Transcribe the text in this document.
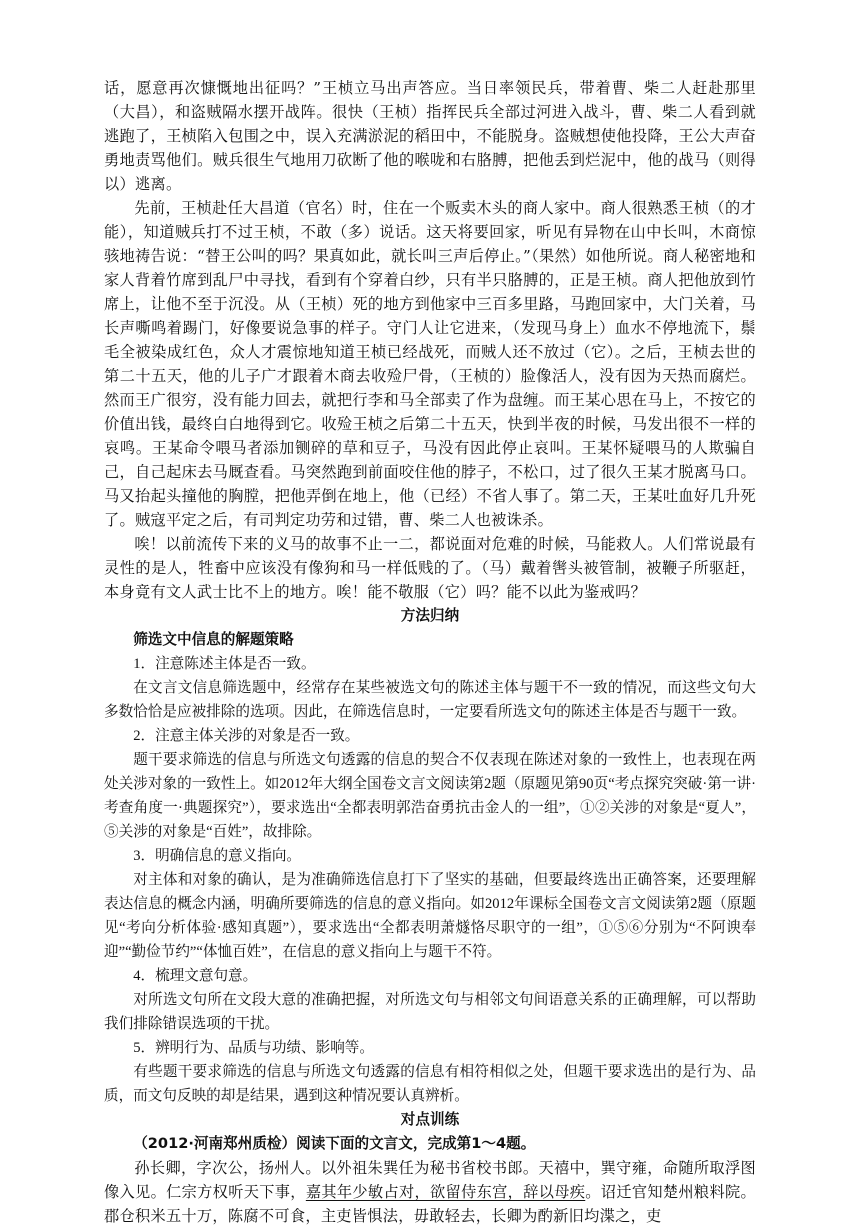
话，愿意再次慷慨地出征吗？”王桢立马出声答应。当日率领民兵，带着曹、柴二人赶赴那里（大昌），和盗贼隔水摆开战阵。很快（王桢）指挥民兵全部过河进入战斗，曹、柴二人看到就逃跑了，王桢陷入包围之中，误入充满淤泥的稻田中，不能脱身。盗贼想使他投降，王公大声奋勇地责骂他们。贼兵很生气地用刀砍断了他的喉咙和右胳膊，把他丢到烂泥中，他的战马（则得以）逃离。

先前，王桢赴任大昌道（官名）时，住在一个贩卖木头的商人家中。商人很熟悉王桢（的才能），知道贼兵打不过王桢，不敢（多）说话。这天将要回家，听见有异物在山中长叫，木商惊骇地祷告说：“替王公叫的吗？果真如此，就长叫三声后停止。”（果然）如他所说。商人秘密地和家人背着竹席到乱尸中寻找，看到有个穿着白纱，只有半只胳膊的，正是王桢。商人把他放到竹席上，让他不至于沉没。从（王桢）死的地方到他家中三百多里路，马跑回家中，大门关着，马长声嘶鸣着踢门，好像要说急事的样子。守门人让它进来，（发现马身上）血水不停地流下，鬃毛全被染成红色，众人才震惊地知道王桢已经战死，而贼人还不放过（它）。之后，王桢去世的第二十五天，他的儿子广才跟着木商去收殓尸骨，（王桢的）脸像活人，没有因为天热而腐烂。然而王广很穷，没有能力回去，就把行李和马全部卖了作为盘缠。而王某心思在马上，不按它的价值出钱，最终白白地得到它。收殓王桢之后第二十五天，快到半夜的时候，马发出很不一样的哀鸣。王某命令喂马者添加铡碎的草和豆子，马没有因此停止哀叫。王某怀疑喂马的人欺骗自己，自己起床去马厩查看。马突然跑到前面咬住他的脖子，不松口，过了很久王某才脱离马口。马又抬起头撞他的胸膛，把他弄倒在地上，他（已经）不省人事了。第二天，王某吐血好几升死了。贼寇平定之后，有司判定功劳和过错，曹、柴二人也被诛杀。

唉！以前流传下来的义马的故事不止一二，都说面对危难的时候，马能救人。人们常说最有灵性的是人，牲畜中应该没有像狗和马一样低贱的了。（马）戴着辔头被管制，被鞭子所驱赶，本身竟有文人武士比不上的地方。唉！能不敬服（它）吗？能不以此为鉴戒吗？

方法归纳

筛选文中信息的解题策略

1．注意陈述主体是否一致。

在文言文信息筛选题中，经常存在某些被选文句的陈述主体与题干不一致的情况，而这些文句大多数恰恰是应被排除的选项。因此，在筛选信息时，一定要看所选文句的陈述主体是否与题干一致。

2．注意主体关涉的对象是否一致。

题干要求筛选的信息与所选文句透露的信息的契合不仅表现在陈述对象的一致性上，也表现在两处关涉对象的一致性上。如2012年大纲全国卷文言文阅读第2题（原题见第90页“考点探究突破·第一讲·考查角度一·典题探究”），要求选出“全都表明郭浩奋勇抗击金人的一组”，①②关涉的对象是“夏人”，⑤关涉的对象是“百姓”，故排除。

3．明确信息的意义指向。

对主体和对象的确认，是为准确筛选信息打下了坚实的基础，但要最终选出正确答案，还要理解表达信息的概念内涵，明确所要筛选的信息的意义指向。如2012年课标全国卷文言文阅读第2题（原题见“考向分析体验·感知真题”），要求选出“全都表明萧燧恪尽职守的一组”，①⑤⑥分别为“不阿谀奉迎”“勤俭节约”“体恤百姓”，在信息的意义指向上与题干不符。

4．梳理文意句意。

对所选文句所在文段大意的准确把握，对所选文句与相邻文句间语意关系的正确理解，可以帮助我们排除错误选项的干扰。

5．辨明行为、品质与功绩、影响等。

有些题干要求筛选的信息与所选文句透露的信息有相符相似之处，但题干要求选出的是行为、品质，而文句反映的却是结果，遇到这种情况要认真辨析。

对点训练

（2012·河南郑州质检）阅读下面的文言文，完成第1～4题。

孙长卿，字次公，扬州人。以外祖朱巽任为秘书省校书郎。天禧中，巽守雍，命随所取浮图像入见。仁宗方权听天下事，嘉其年少敏占对，欲留侍东宫，辞以母疾。诏迁官知楚州粮料院。郡仓积米五十万，陈腐不可食，主吏皆惧法，毋敢轻去，长卿为酌新旧均渫之，吏
